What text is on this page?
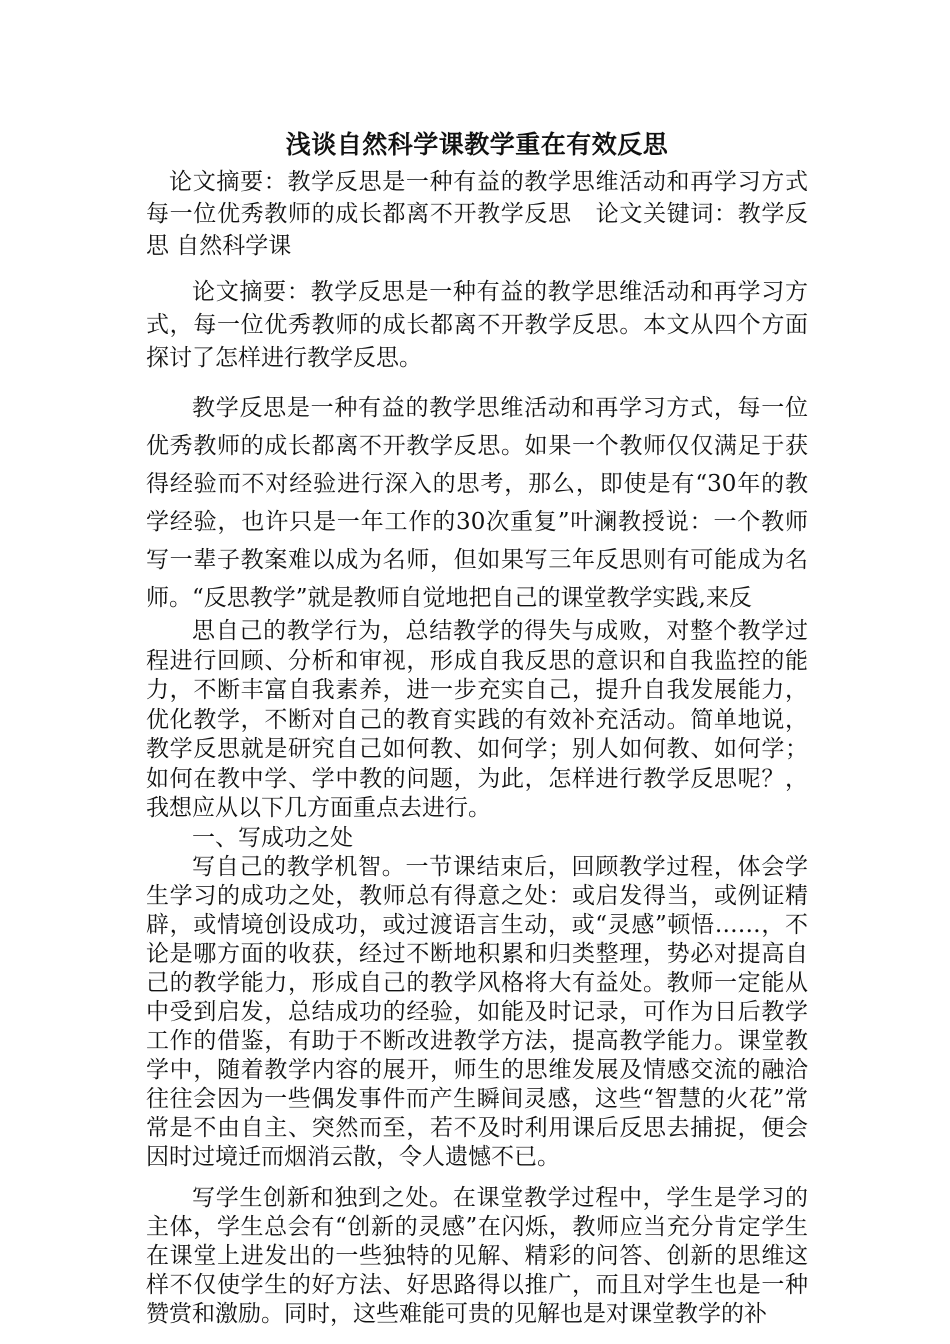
浅谈自然科学课教学重在有效反思

论文摘要：教学反思是一种有益的教学思维活动和再学习方式每一位优秀教师的成长都离不开教学反思 论文关键词：教学反思 自然科学课

论文摘要：教学反思是一种有益的教学思维活动和再学习方式，每一位优秀教师的成长都离不开教学反思。本文从四个方面探讨了怎样进行教学反思。

教学反思是一种有益的教学思维活动和再学习方式，每一位优秀教师的成长都离不开教学反思。如果一个教师仅仅满足于获得经验而不对经验进行深入的思考，那么，即使是有“30年的教学经验，也许只是一年工作的30次重复”叶澜教授说：一个教师写一辈子教案难以成为名师，但如果写三年反思则有可能成为名师。“反思教学”就是教师自觉地把自己的课堂教学实践,来反

思自己的教学行为，总结教学的得失与成败，对整个教学过程进行回顾、分析和审视，形成自我反思的意识和自我监控的能力，不断丰富自我素养，进一步充实自己，提升自我发展能力，优化教学，不断对自己的教育实践的有效补充活动。简单地说，教学反思就是研究自己如何教、如何学；别人如何教、如何学；如何在教中学、学中教的问题，为此，怎样进行教学反思呢？，我想应从以下几方面重点去进行。

一、写成功之处

写自己的教学机智。一节课结束后，回顾教学过程，体会学生学习的成功之处，教师总有得意之处：或启发得当，或例证精辟，或情境创设成功，或过渡语言生动，或“灵感”顿悟……，不论是哪方面的收获，经过不断地积累和归类整理，势必对提高自己的教学能力，形成自己的教学风格将大有益处。教师一定能从中受到启发，总结成功的经验，如能及时记录，可作为日后教学工作的借鉴，有助于不断改进教学方法，提高教学能力。课堂教学中，随着教学内容的展开，师生的思维发展及情感交流的融洽往往会因为一些偶发事件而产生瞬间灵感，这些“智慧的火花”常常是不由自主、突然而至，若不及时利用课后反思去捕捉，便会因时过境迁而烟消云散，令人遗憾不已。

写学生创新和独到之处。在课堂教学过程中，学生是学习的主体，学生总会有“创新的灵感”在闪烁，教师应当充分肯定学生在课堂上进发出的一些独特的见解、精彩的问答、创新的思维这样不仅使学生的好方法、好思路得以推广，而且对学生也是一种赞赏和激励。同时，这些难能可贵的见解也是对课堂教学的补
